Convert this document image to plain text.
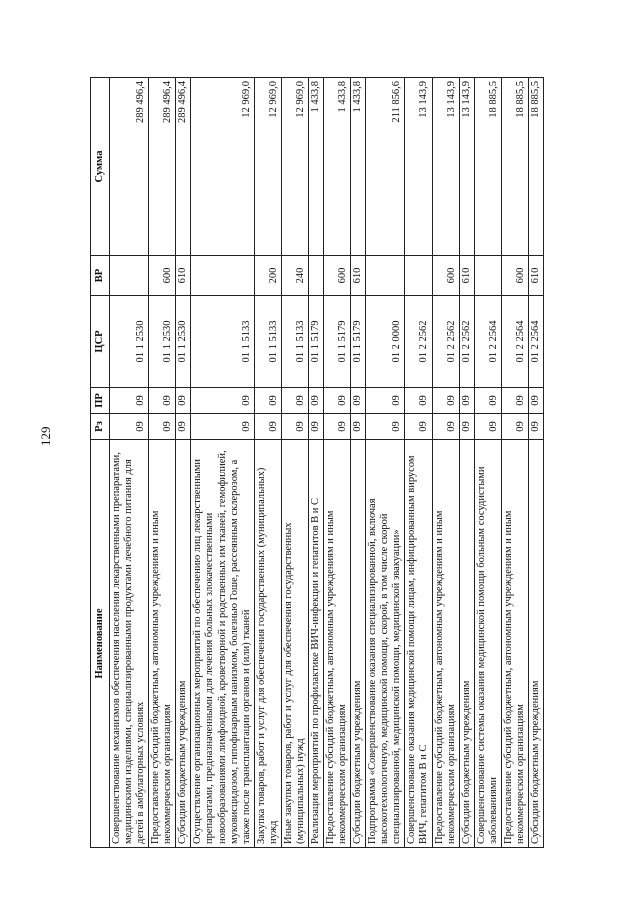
129
Наименование	Рз	ПР	ЦСР	ВР	Сумма
Совершенствование механизмов обеспечения населения лекарственными препаратами, медицинскими изделиями, специализированными продуктами лечебного питания для детей в амбулаторных условиях	09	09	01 1 2530		289 496,4
Предоставление субсидий бюджетным, автономным учреждениям и иным некоммерческим организациям	09	09	01 1 2530	600	289 496,4
Субсидии бюджетным учреждениям	09	09	01 1 2530	610	289 496,4
Осуществление организационных мероприятий по обеспечению лиц лекарственными препаратами, предназначенными для лечения больных злокачественными новообразованиями лимфоидной, кроветворной и родственных им тканей, гемофилией, муковисцидозом, гипофизарным нанизмом, болезнью Гоше, рассеянным склерозом, а также после трансплантации органов и (или) тканей	09	09	01 1 5133		12 969,0
Закупка товаров, работ и услуг для обеспечения государственных (муниципальных) нужд	09	09	01 1 5133	200	12 969,0
Иные закупки товаров, работ и услуг для обеспечения государственных (муниципальных) нужд	09	09	01 1 5133	240	12 969,0
Реализация мероприятий по профилактике ВИЧ-инфекции и гепатитов В и С	09	09	01 1 5179		1 433,8
Предоставление субсидий бюджетным, автономным учреждениям и иным некоммерческим организациям	09	09	01 1 5179	600	1 433,8
Субсидии бюджетным учреждениям	09	09	01 1 5179	610	1 433,8
Подпрограмма «Совершенствование оказания специализированной, включая высокотехнологичную, медицинской помощи, скорой, в том числе скорой специализированной, медицинской помощи, медицинской эвакуации»	09	09	01 2 0000		211 856,6
Совершенствование оказания медицинской помощи лицам, инфицированным вирусом ВИЧ, гепатитом В и С	09	09	01 2 2562		13 143,9
Предоставление субсидий бюджетным, автономным учреждениям и иным некоммерческим организациям	09	09	01 2 2562	600	13 143,9
Субсидии бюджетным учреждениям	09	09	01 2 2562	610	13 143,9
Совершенствование системы оказания медицинской помощи больным сосудистыми заболеваниями	09	09	01 2 2564		18 885,5
Предоставление субсидий бюджетным, автономным учреждениям и иным некоммерческим организациям	09	09	01 2 2564	600	18 885,5
Субсидии бюджетным учреждениям	09	09	01 2 2564	610	18 885,5
